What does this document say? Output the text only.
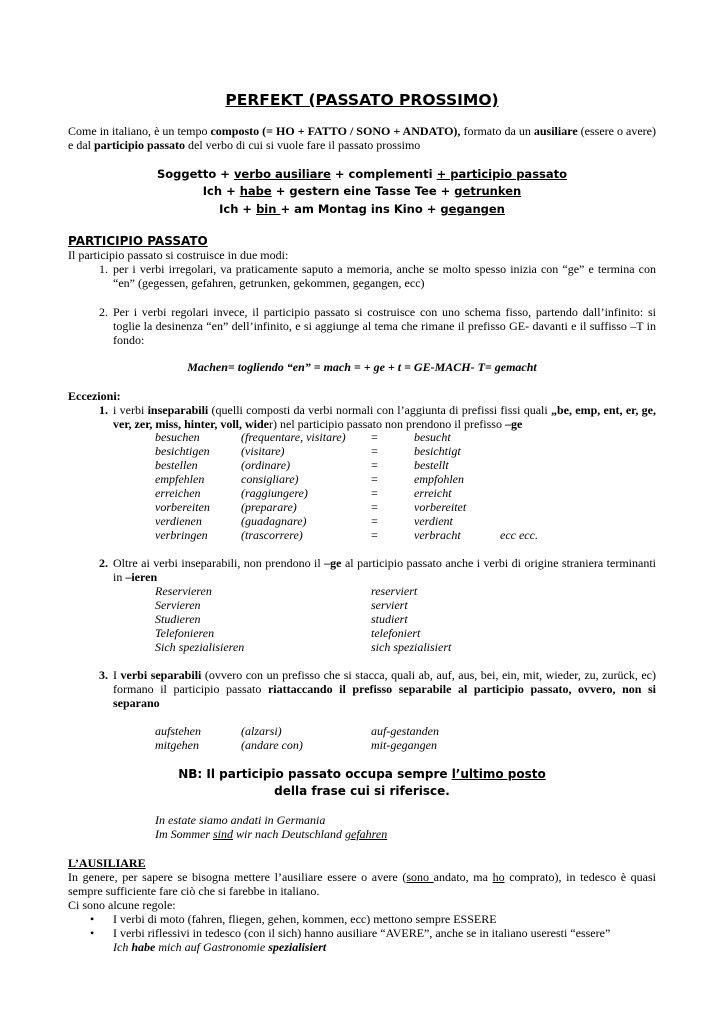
PERFEKT (PASSATO PROSSIMO)
Come in italiano, è un tempo composto (= HO + FATTO / SONO + ANDATO), formato da un ausiliare (essere o avere) e dal participio passato del verbo di cui si vuole fare il passato prossimo
Soggetto + verbo ausiliare + complementi + participio passato
Ich + habe + gestern eine Tasse Tee + getrunken
Ich + bin + am Montag ins Kino + gegangen
PARTICIPIO PASSATO
Il participio passato si costruisce in due modi:
1. per i verbi irregolari, va praticamente saputo a memoria, anche se molto spesso inizia con “ge” e termina con “en” (gegessen, gefahren, getrunken, gekommen, gegangen, ecc)
2. Per i verbi regolari invece, il participio passato si costruisce con uno schema fisso, partendo dall’infinito: si toglie la desinenza “en” dell’infinito, e si aggiunge al tema che rimane il prefisso GE- davanti e il suffisso –T in fondo:
Machen= togliendo “en” = mach = + ge + t = GE-MACH- T= gemacht
Eccezioni:
1. i verbi inseparabili (quelli composti da verbi normali con l’aggiunta di prefissi fissi quali „be, emp, ent, er, ge, ver, zer, miss, hinter, voll, wider) nel participio passato non prendono il prefisso –ge
besuchen	(frequentare, visitare) =	besucht
besichtigen	(visitare)	=	besichtigt
bestellen	(ordinare)	=	bestellt
empfehlen	consigliare)	=	empfohlen
erreichen	(raggiungere)	=	erreicht
vorbereiten	(preparare)	=	vorbereitet
verdienen	(guadagnare)	=	verdient
verbringen	(trascorrere)	=	verbracht	ecc ecc.
2. Oltre ai verbi inseparabili, non prendono il –ge al participio passato anche i verbi di origine straniera terminanti in –ieren
Reservieren	reserviert
Servieren	serviert
Studieren	studiert
Telefonieren	telefoniert
Sich spezialisieren	sich spezialisiert
3. I verbi separabili (ovvero con un prefisso che si stacca, quali ab, auf, aus, bei, ein, mit, wieder, zu, zurück, ec) formano il participio passato riattaccando il prefisso separabile al participio passato, ovvero, non si separano
aufstehen	(alzarsi)	auf-gestanden
mitgehen	(andare con)	mit-gegangen
NB: Il participio passato occupa sempre l’ultimo posto
della frase cui si riferisce.
In estate siamo andati in Germania
Im Sommer sind wir nach Deutschland gefahren
L’AUSILIARE
In genere, per sapere se bisogna mettere l’ausiliare essere o avere (sono andato, ma ho comprato), in tedesco è quasi sempre sufficiente fare ciò che si farebbe in italiano.
Ci sono alcune regole:
• I verbi di moto (fahren, fliegen, gehen, kommen, ecc) mettono sempre ESSERE
• I verbi riflessivi in tedesco (con il sich) hanno ausiliare “AVERE”, anche se in italiano useresti “essere”
Ich habe mich auf Gastronomie spezialisiert
